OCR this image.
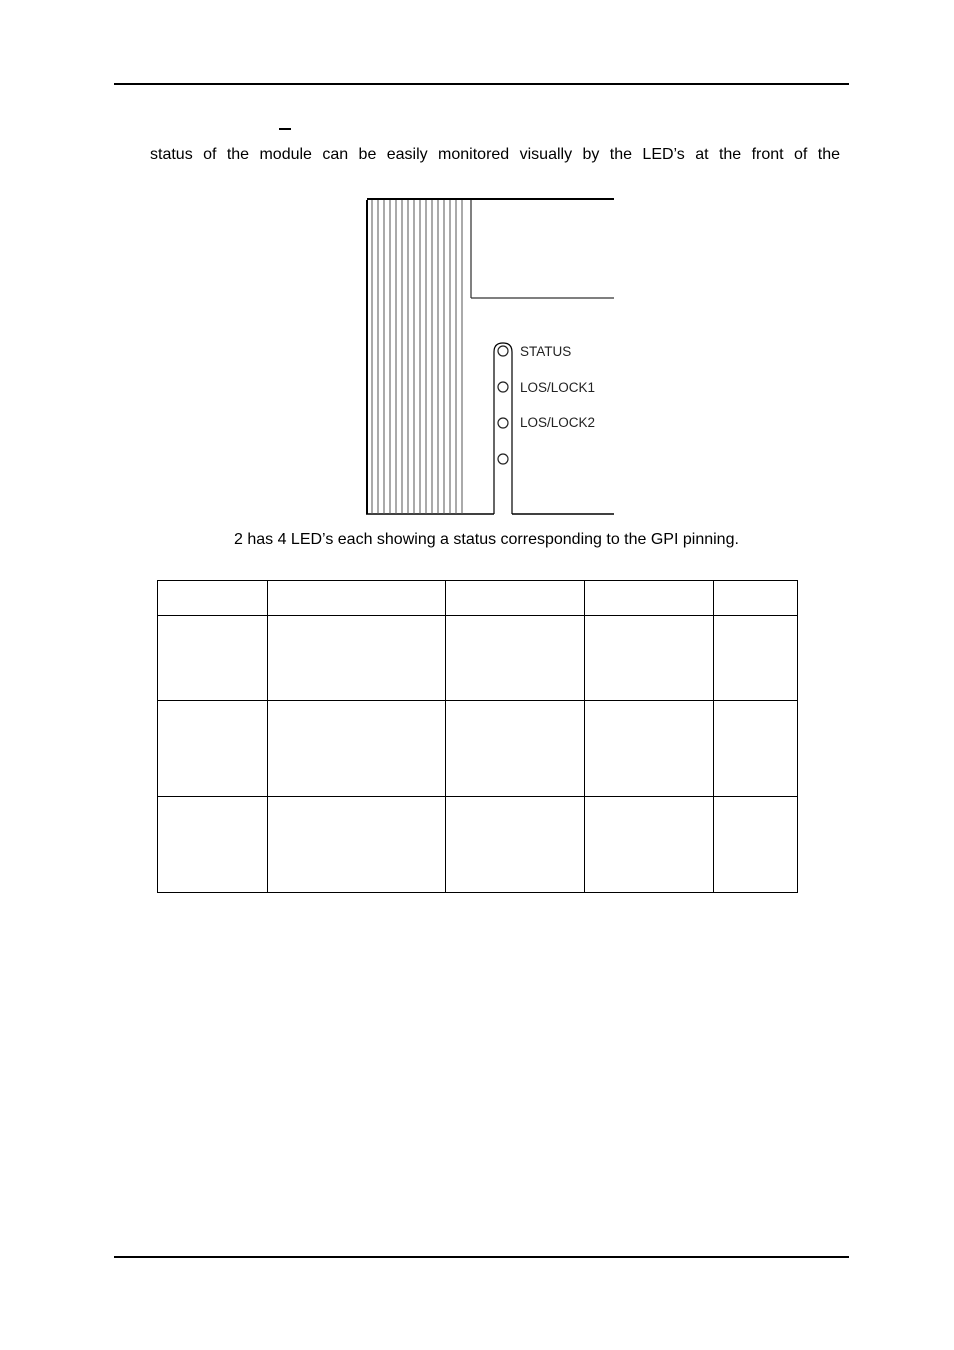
status of the module can be easily monitored visually by the LED’s at the front of the
STATUS
LOS/LOCK1
LOS/LOCK2
2 has 4 LED’s each showing a status corresponding to the GPI pinning.
